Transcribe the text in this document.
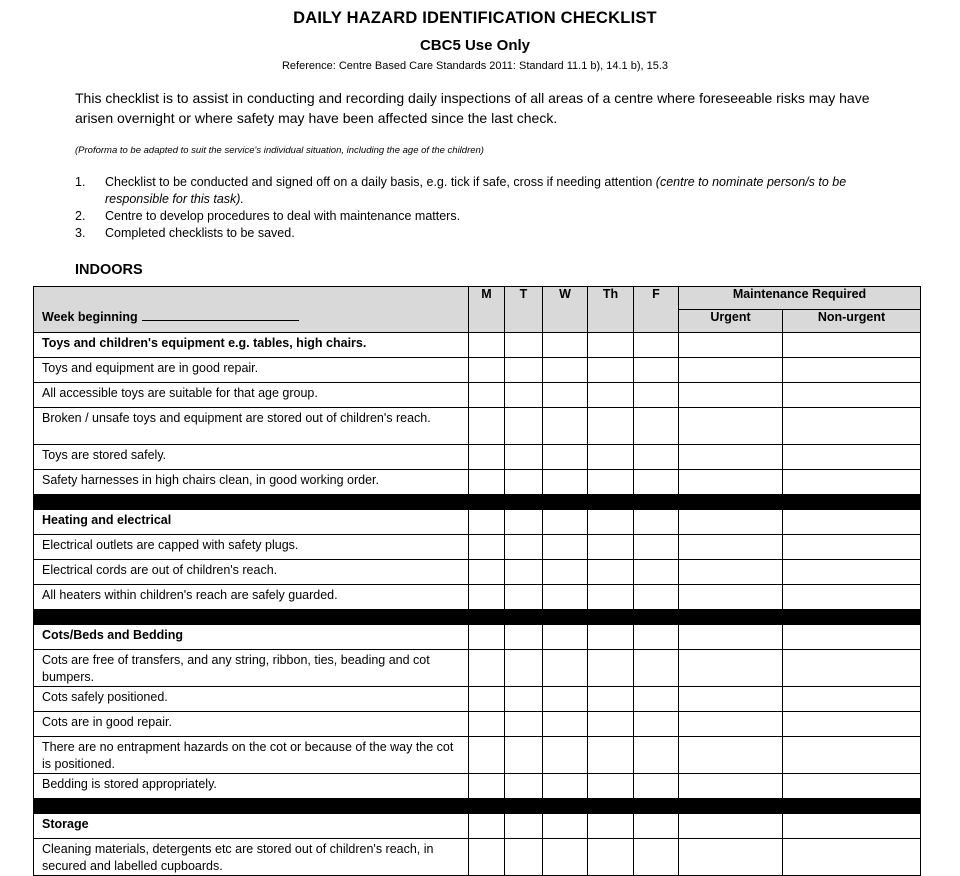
DAILY HAZARD IDENTIFICATION CHECKLIST
CBC5 Use Only
Reference: Centre Based Care Standards 2011: Standard 11.1 b), 14.1 b), 15.3
This checklist is to assist in conducting and recording daily inspections of all areas of a centre where foreseeable risks may have arisen overnight or where safety may have been affected since the last check.
(Proforma to be adapted to suit the service's individual situation, including the age of the children)
1. Checklist to be conducted and signed off on a daily basis, e.g. tick if safe, cross if needing attention (centre to nominate person/s to be responsible for this task).
2. Centre to develop procedures to deal with maintenance matters.
3. Completed checklists to be saved.
INDOORS
Week beginning	M	T	W	Th	F	Maintenance Required	
						Urgent	Non-urgent
Toys and children's equipment e.g. tables, high chairs.							
Toys and equipment are in good repair.							
All accessible toys are suitable for that age group.							
Broken / unsafe toys and equipment are stored out of children's reach.							
Toys are stored safely.							
Safety harnesses in high chairs clean, in good working order.							

Heating and electrical							
Electrical outlets are capped with safety plugs.							
Electrical cords are out of children's reach.							
All heaters within children's reach are safely guarded.							

Cots/Beds and Bedding							
Cots are free of transfers, and any string, ribbon, ties, beading and cot bumpers.							
Cots safely positioned.							
Cots are in good repair.							
There are no entrapment hazards on the cot or because of the way the cot is positioned.							
Bedding is stored appropriately.							

Storage							
Cleaning materials, detergents etc are stored out of children's reach, in secured and labelled cupboards.							
